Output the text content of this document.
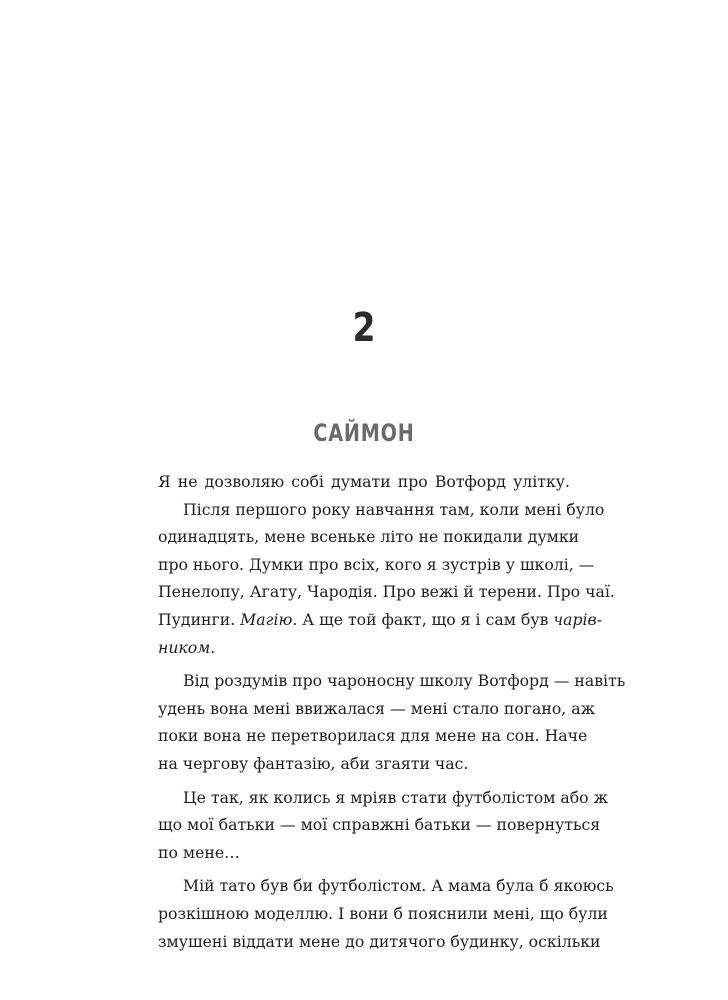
2
САЙМОН
Я не дозволяю собі думати про Вотфорд улітку.
Після першого року навчання там, коли мені було
одинадцять, мене всеньке літо не покидали думки
про нього. Думки про всіх, кого я зустрів у школі, —
Пенелопу, Агату, Чародія. Про вежі й терени. Про чаї.
Пудинги. Магію. А ще той факт, що я і сам був чарів-
ником.
Від роздумів про чароносну школу Вотфорд — навіть
удень вона мені ввижалася — мені стало погано, аж
поки вона не перетворилася для мене на сон. Наче
на чергову фантазію, аби згаяти час.
Це так, як колись я мріяв стати футболістом або ж
що мої батьки — мої справжні батьки — повернуться
по мене…
Мій тато був би футболістом. А мама була б якоюсь
розкішною моделлю. І вони б пояснили мені, що були
змушені віддати мене до дитячого будинку, оскільки
